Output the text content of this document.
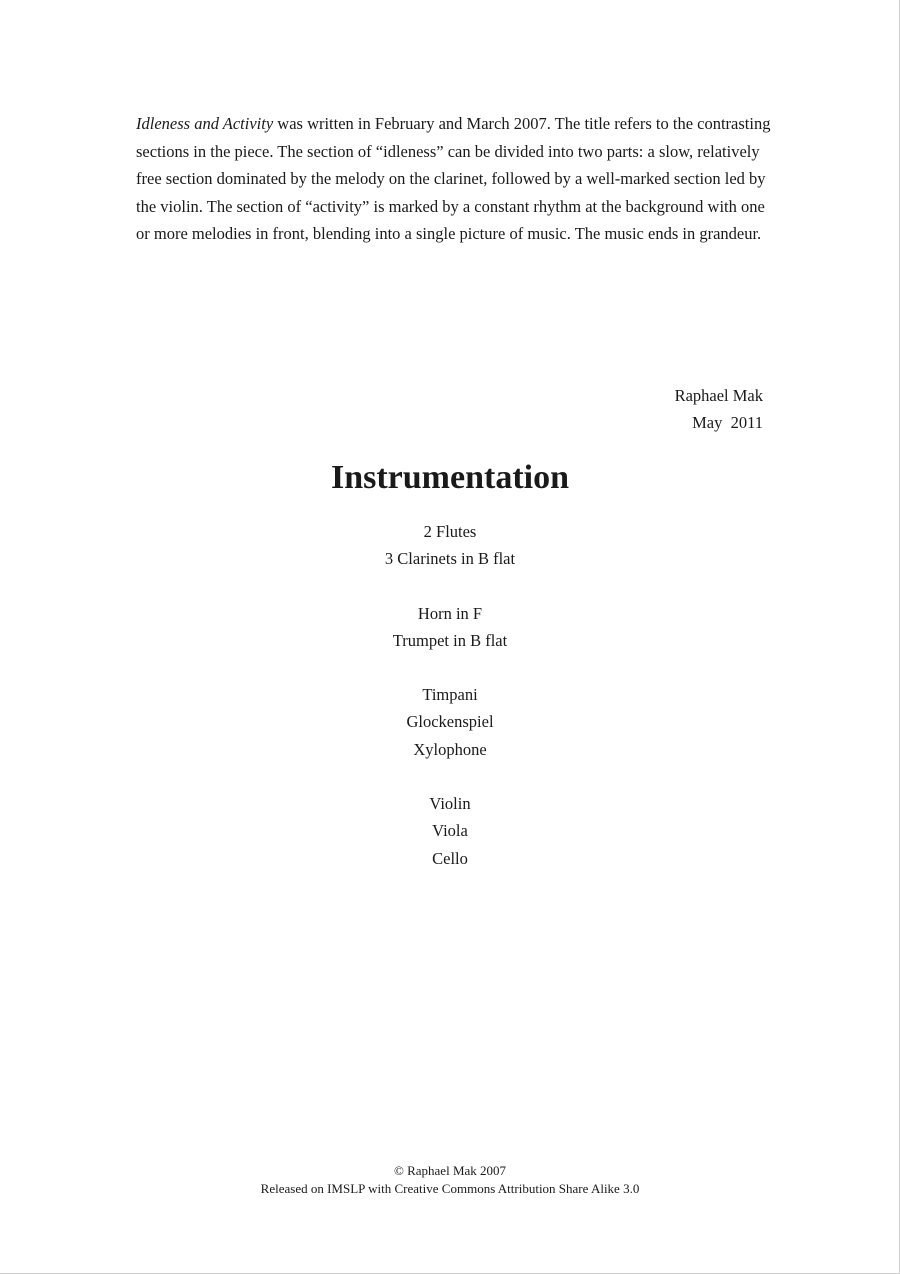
Idleness and Activity was written in February and March 2007. The title refers to the contrasting sections in the piece. The section of “idleness” can be divided into two parts: a slow, relatively free section dominated by the melody on the clarinet, followed by a well-marked section led by the violin. The section of “activity” is marked by a constant rhythm at the background with one or more melodies in front, blending into a single picture of music. The music ends in grandeur.

Raphael Mak
May  2011
Instrumentation
2 Flutes
3 Clarinets in B flat
Horn in F
Trumpet in B flat
Timpani
Glockenspiel
Xylophone
Violin
Viola
Cello
© Raphael Mak 2007
Released on IMSLP with Creative Commons Attribution Share Alike 3.0
